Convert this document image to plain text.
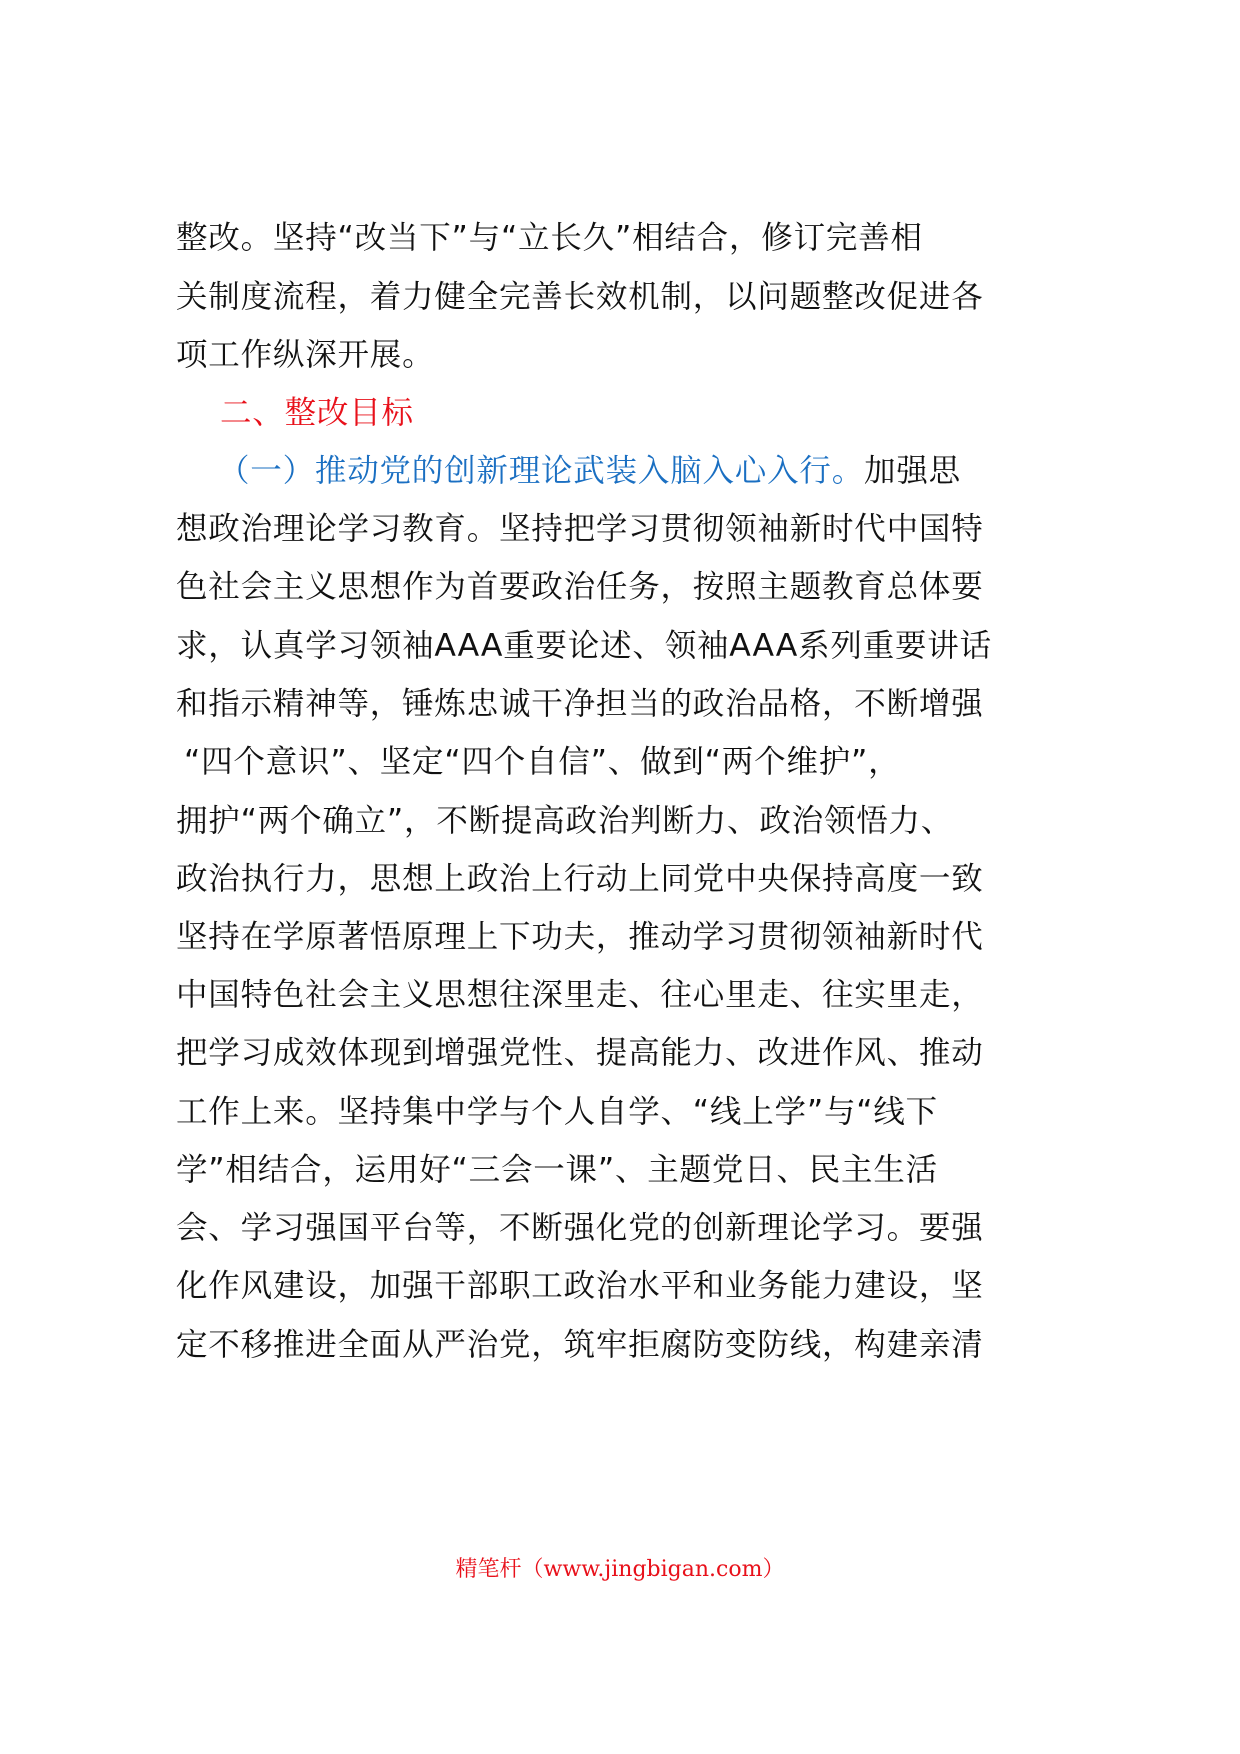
整改。坚持“改当下”与“立长久”相结合，修订完善相
关制度流程，着力健全完善长效机制，以问题整改促进各
项工作纵深开展。
二、整改目标
（一）推动党的创新理论武装入脑入心入行。加强思
想政治理论学习教育。坚持把学习贯彻领袖新时代中国特
色社会主义思想作为首要政治任务，按照主题教育总体要
求，认真学习领袖AAA重要论述、领袖AAA系列重要讲话
和指示精神等，锤炼忠诚干净担当的政治品格，不断增强
“四个意识”、坚定“四个自信”、做到“两个维护”，
拥护“两个确立”，不断提高政治判断力、政治领悟力、
政治执行力，思想上政治上行动上同党中央保持高度一致
坚持在学原著悟原理上下功夫，推动学习贯彻领袖新时代
中国特色社会主义思想往深里走、往心里走、往实里走，
把学习成效体现到增强党性、提高能力、改进作风、推动
工作上来。坚持集中学与个人自学、“线上学”与“线下
学”相结合，运用好“三会一课”、主题党日、民主生活
会、学习强国平台等，不断强化党的创新理论学习。要强
化作风建设，加强干部职工政治水平和业务能力建设，坚
定不移推进全面从严治党，筑牢拒腐防变防线，构建亲清
精笔杆（www.jingbigan.com）
